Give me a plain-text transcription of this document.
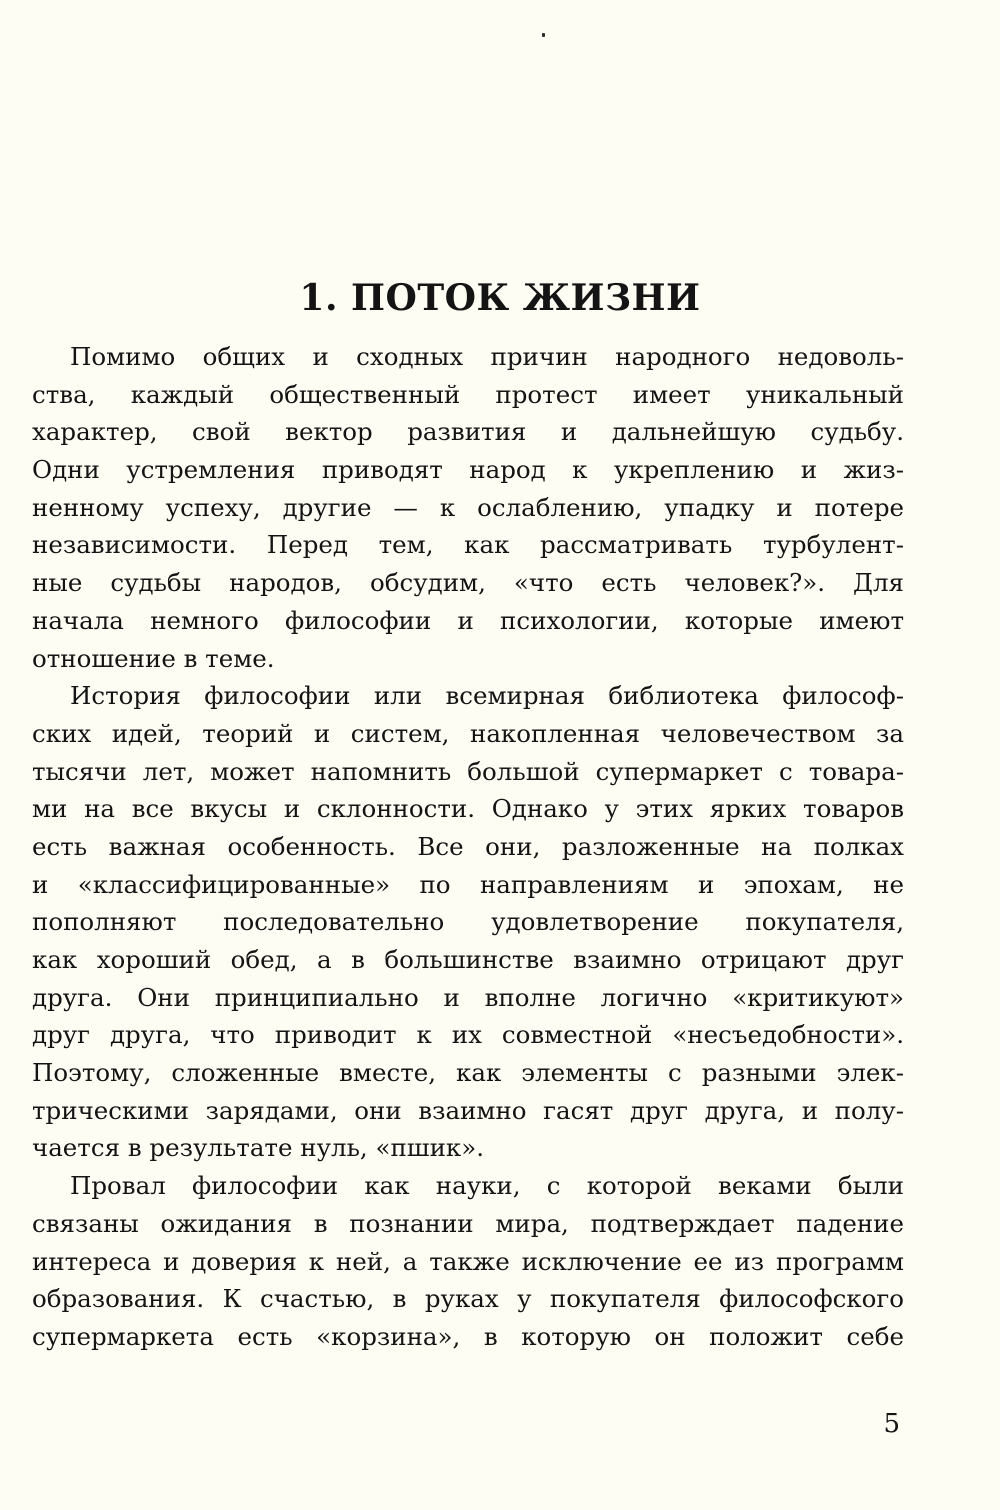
1. ПОТОК ЖИЗНИ
Помимо общих и сходных причин народного недоволь-
ства, каждый общественный протест имеет уникальный
характер, свой вектор развития и дальнейшую судьбу.
Одни устремления приводят народ к укреплению и жиз-
ненному успеху, другие — к ослаблению, упадку и потере
независимости. Перед тем, как рассматривать турбулент-
ные судьбы народов, обсудим, «что есть человек?». Для
начала немного философии и психологии, которые имеют
отношение в теме.
История философии или всемирная библиотека философ-
ских идей, теорий и систем, накопленная человечеством за
тысячи лет, может напомнить большой супермаркет с товара-
ми на все вкусы и склонности. Однако у этих ярких товаров
есть важная особенность. Все они, разложенные на полках
и «классифицированные» по направлениям и эпохам, не
пополняют последовательно удовлетворение покупателя,
как хороший обед, а в большинстве взаимно отрицают друг
друга. Они принципиально и вполне логично «критикуют»
друг друга, что приводит к их совместной «несъедобности».
Поэтому, сложенные вместе, как элементы с разными элек-
трическими зарядами, они взаимно гасят друг друга, и полу-
чается в результате нуль, «пшик».
Провал философии как науки, с которой веками были
связаны ожидания в познании мира, подтверждает падение
интереса и доверия к ней, а также исключение ее из программ
образования. К счастью, в руках у покупателя философского
супермаркета есть «корзина», в которую он положит себе
5
